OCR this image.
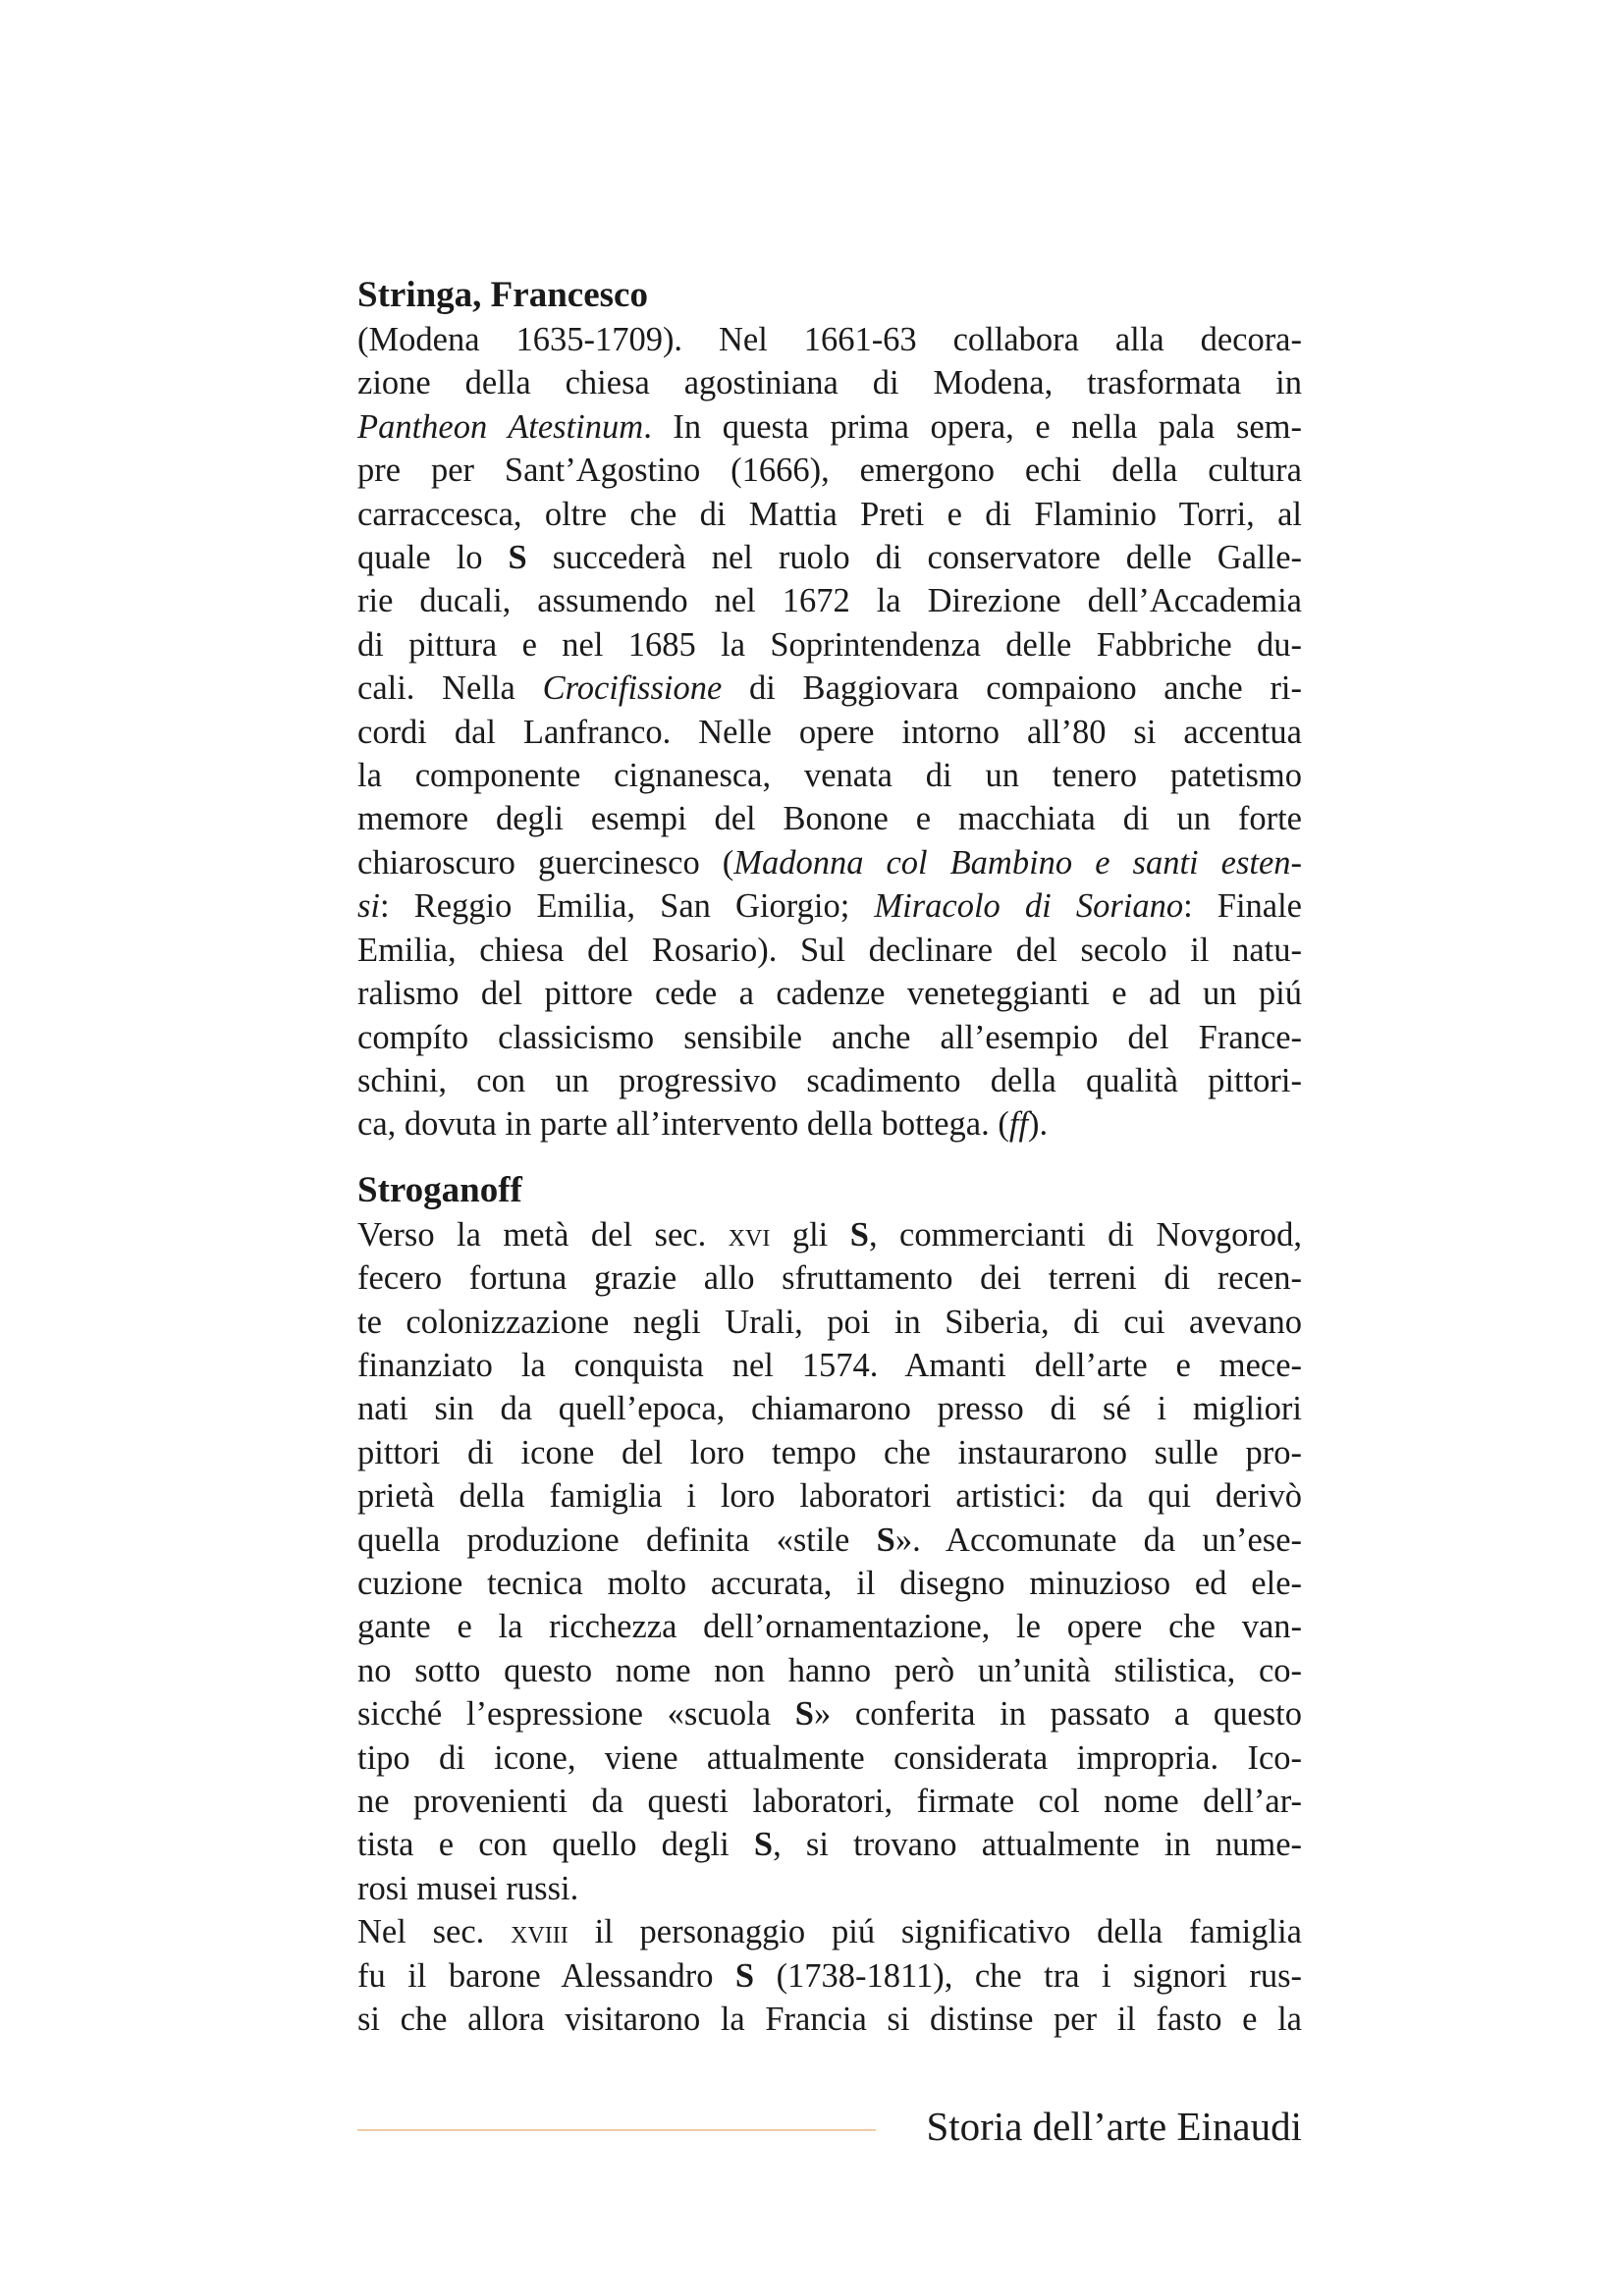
Stringa, Francesco
(Modena 1635-1709). Nel 1661-63 collabora alla decora-
zione della chiesa agostiniana di Modena, trasformata in
Pantheon Atestinum. In questa prima opera, e nella pala sem-
pre per Sant’Agostino (1666), emergono echi della cultura
carraccesca, oltre che di Mattia Preti e di Flaminio Torri, al
quale lo S succederà nel ruolo di conservatore delle Galle-
rie ducali, assumendo nel 1672 la Direzione dell’Accademia
di pittura e nel 1685 la Soprintendenza delle Fabbriche du-
cali. Nella Crocifissione di Baggiovara compaiono anche ri-
cordi dal Lanfranco. Nelle opere intorno all’80 si accentua
la componente cignanesca, venata di un tenero patetismo
memore degli esempi del Bonone e macchiata di un forte
chiaroscuro guercinesco (Madonna col Bambino e santi esten-
si: Reggio Emilia, San Giorgio; Miracolo di Soriano: Finale
Emilia, chiesa del Rosario). Sul declinare del secolo il natu-
ralismo del pittore cede a cadenze veneteggianti e ad un piú
compíto classicismo sensibile anche all’esempio del France-
schini, con un progressivo scadimento della qualità pittori-
ca, dovuta in parte all’intervento della bottega. (ff).
Stroganoff
Verso la metà del sec. xvi gli S, commercianti di Novgorod,
fecero fortuna grazie allo sfruttamento dei terreni di recen-
te colonizzazione negli Urali, poi in Siberia, di cui avevano
finanziato la conquista nel 1574. Amanti dell’arte e mece-
nati sin da quell’epoca, chiamarono presso di sé i migliori
pittori di icone del loro tempo che instaurarono sulle pro-
prietà della famiglia i loro laboratori artistici: da qui derivò
quella produzione definita «stile S». Accomunate da un’ese-
cuzione tecnica molto accurata, il disegno minuzioso ed ele-
gante e la ricchezza dell’ornamentazione, le opere che van-
no sotto questo nome non hanno però un’unità stilistica, co-
sicché l’espressione «scuola S» conferita in passato a questo
tipo di icone, viene attualmente considerata impropria. Ico-
ne provenienti da questi laboratori, firmate col nome dell’ar-
tista e con quello degli S, si trovano attualmente in nume-
rosi musei russi.
Nel sec. xviii il personaggio piú significativo della famiglia
fu il barone Alessandro S (1738-1811), che tra i signori rus-
si che allora visitarono la Francia si distinse per il fasto e la
Storia dell’arte Einaudi
